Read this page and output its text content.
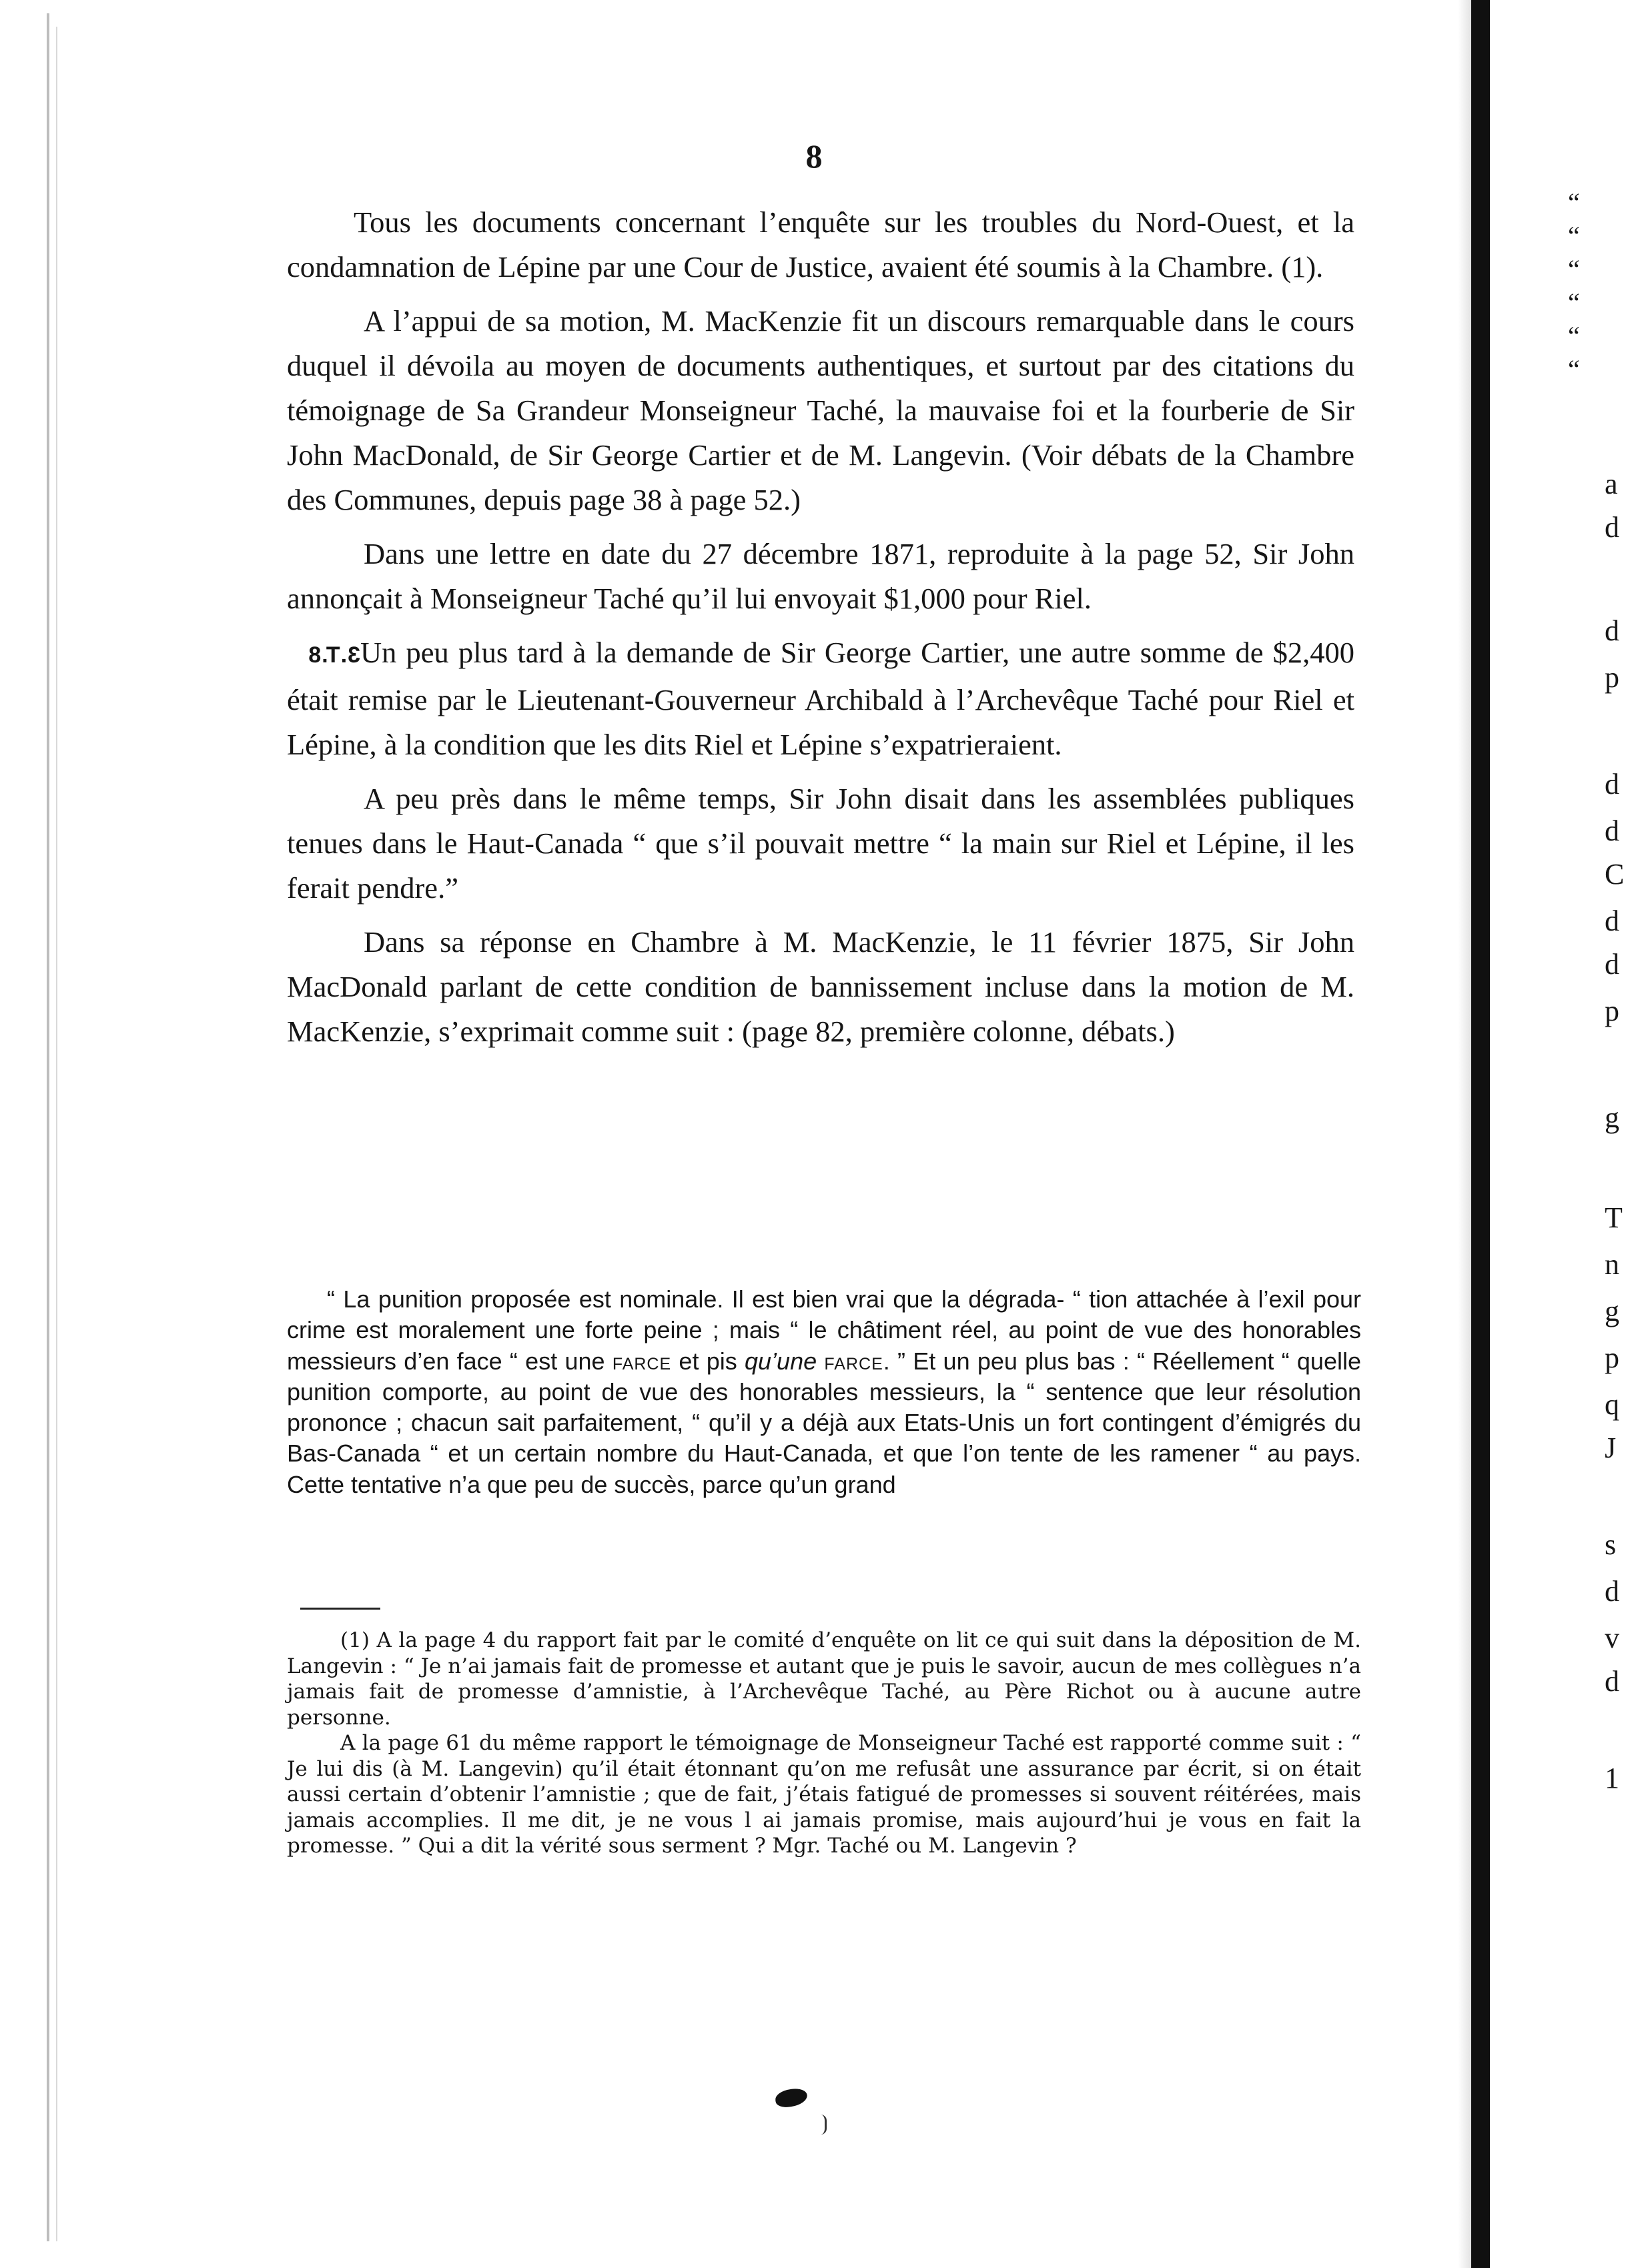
8

Tous les documents concernant l’enquête sur les troubles du Nord-Ouest, et la condamnation de Lépine par une Cour de Justice, avaient été soumis à la Chambre. (1).

A l’appui de sa motion, M. MacKenzie fit un discours remarquable dans le cours duquel il dévoila au moyen de documents authentiques, et surtout par des citations du témoignage de Sa Grandeur Monseigneur Taché, la mauvaise foi et la fourberie de Sir John MacDonald, de Sir George Cartier et de M. Langevin. (Voir débats de la Chambre des Communes, depuis page 38 à page 52.)

Dans une lettre en date du 27 décembre 1871, reproduite à la page 52, Sir John annonçait à Monseigneur Taché qu’il lui envoyait $1,000 pour Riel.

3.T.8Un peu plus tard à la demande de Sir George Cartier, une autre somme de $2,400 était remise par le Lieutenant-Gouverneur Archibald à l’Archevêque Taché pour Riel et Lépine, à la condition que les dits Riel et Lépine s’expatrieraient.

A peu près dans le même temps, Sir John disait dans les assemblées publiques tenues dans le Haut-Canada “ que s’il pouvait mettre “ la main sur Riel et Lépine, il les ferait pendre.”

Dans sa réponse en Chambre à M. MacKenzie, le 11 février 1875, Sir John MacDonald parlant de cette condition de bannissement incluse dans la motion de M. MacKenzie, s’exprimait comme suit : (page 82, première colonne, débats.)

“ La punition proposée est nominale. Il est bien vrai que la dégrada- “ tion attachée à l’exil pour crime est moralement une forte peine ; mais “ le châtiment réel, au point de vue des honorables messieurs d’en face “ est une farce et pis qu’une farce. ” Et un peu plus bas : “ Réellement “ quelle punition comporte, au point de vue des honorables messieurs, la “ sentence que leur résolution prononce ; chacun sait parfaitement, “ qu’il y a déjà aux Etats-Unis un fort contingent d’émigrés du Bas-Canada “ et un certain nombre du Haut-Canada, et que l’on tente de les ramener “ au pays. Cette tentative n’a que peu de succès, parce qu’un grand

(1) A la page 4 du rapport fait par le comité d’enquête on lit ce qui suit dans la déposition de M. Langevin : “ Je n’ai jamais fait de promesse et autant que je puis le savoir, aucun de mes collègues n’a jamais fait de promesse d’amnistie, à l’Archevêque Taché, au Père Richot ou à aucune autre personne.

A la page 61 du même rapport le témoignage de Monseigneur Taché est rapporté comme suit : “ Je lui dis (à M. Langevin) qu’il était étonnant qu’on me refusât une assurance par écrit, si on était aussi certain d’obtenir l’amnistie ; que de fait, j’étais fatigué de promesses si souvent réitérées, mais jamais accomplies. Il me dit, je ne vous l ai jamais promise, mais aujourd’hui je vous en fait la promesse. ” Qui a dit la vérité sous serment ? Mgr. Taché ou M. Langevin ?

“
“
“
“
“
“
a
d
d
p
d
d
C
d
d
p
g
T
n
g
p
q
J
s
d
v
d
1
